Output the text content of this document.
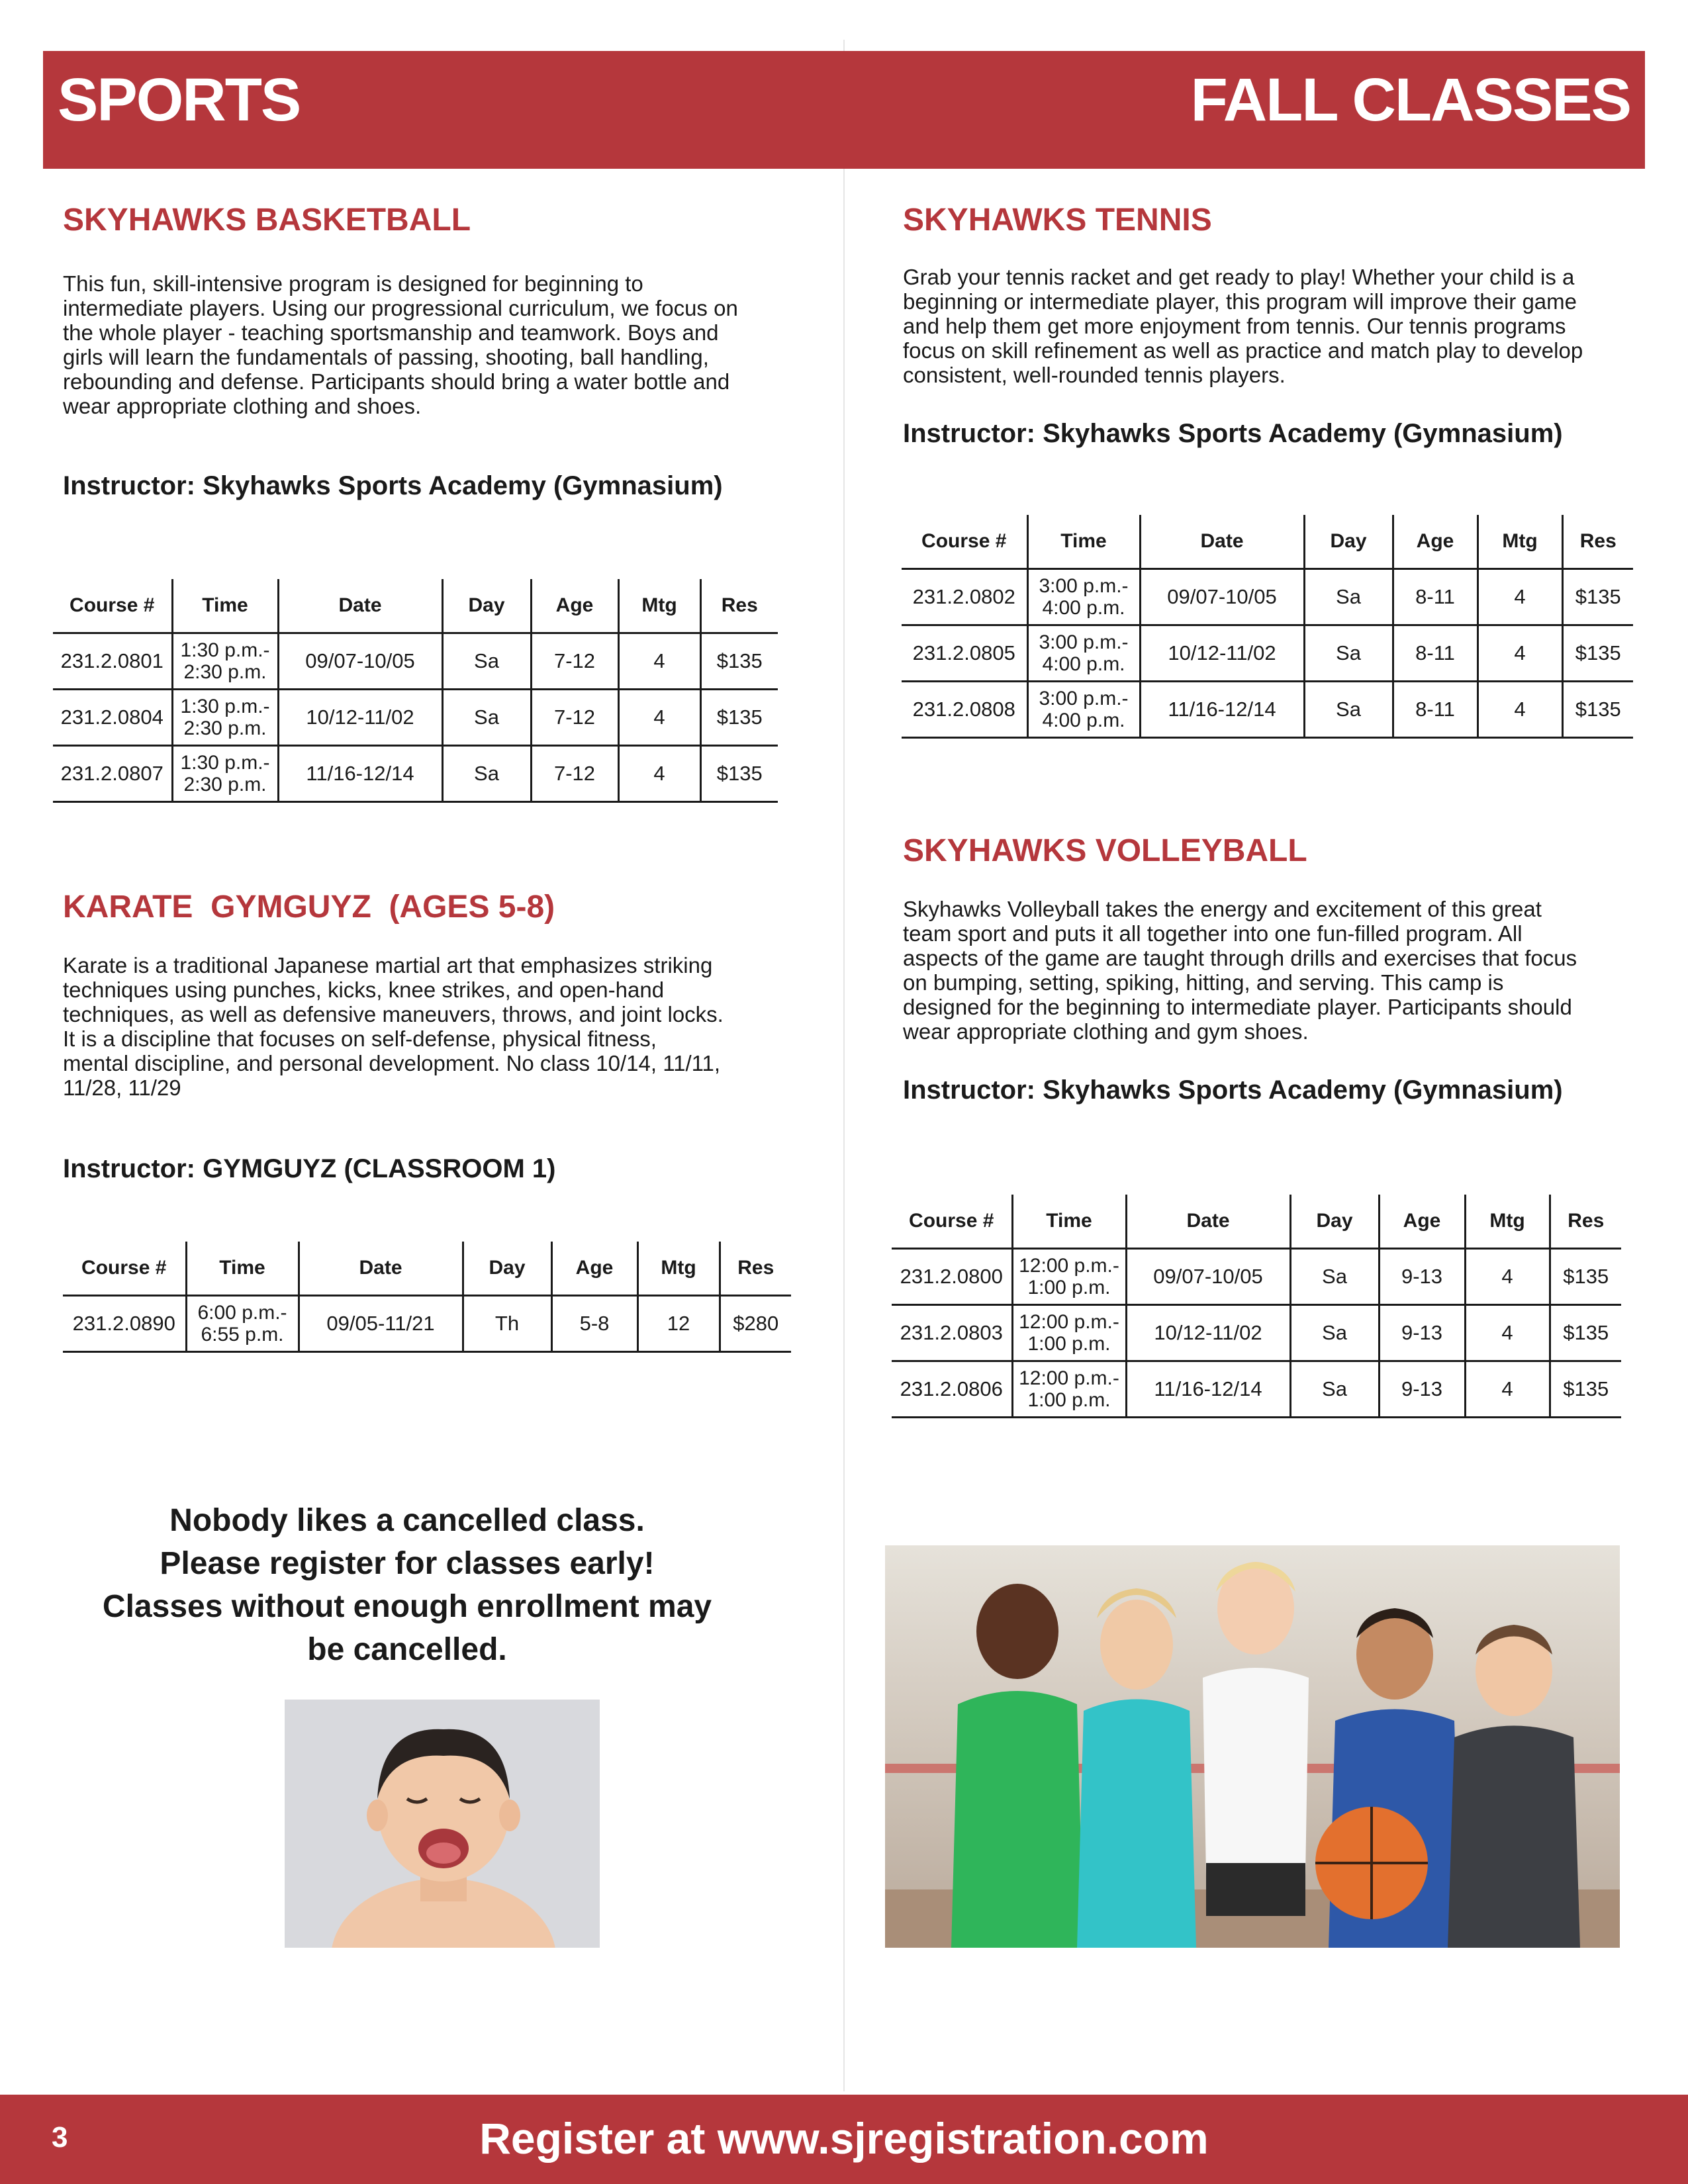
SPORTS	FALL CLASSES
SKYHAWKS BASKETBALL

This fun, skill-intensive program is designed for beginning to intermediate players. Using our progressional curriculum, we focus on the whole player - teaching sportsmanship and teamwork. Boys and girls will learn the fundamentals of passing, shooting, ball handling, rebounding and defense. Participants should bring a water bottle and wear appropriate clothing and shoes.

Instructor: Skyhawks Sports Academy (Gymnasium)

Course #	Time	Date	Day	Age	Mtg	Res
231.2.0801	1:30 p.m.-
2:30 p.m.	09/07-10/05	Sa	7-12	4	$135
231.2.0804	1:30 p.m.-
2:30 p.m.	10/12-11/02	Sa	7-12	4	$135
231.2.0807	1:30 p.m.-
2:30 p.m.	11/16-12/14	Sa	7-12	4	$135
KARATE  GYMGUYZ  (AGES 5-8)

Karate is a traditional Japanese martial art that emphasizes striking techniques using punches, kicks, knee strikes, and open-hand techniques, as well as defensive maneuvers, throws, and joint locks. It is a discipline that focuses on self-defense, physical fitness, mental discipline, and personal development. No class 10/14, 11/11, 11/28, 11/29

Instructor: GYMGUYZ (CLASSROOM 1)

Course #	Time	Date	Day	Age	Mtg	Res
231.2.0890	6:00 p.m.-
6:55 p.m.	09/05-11/21	Th	5-8	12	$280
SKYHAWKS TENNIS

Grab your tennis racket and get ready to play! Whether your child is a beginning or intermediate player, this program will improve their game and help them get more enjoyment from tennis. Our tennis programs focus on skill refinement as well as practice and match play to develop consistent, well-rounded tennis players.

Instructor: Skyhawks Sports Academy (Gymnasium)

Course #	Time	Date	Day	Age	Mtg	Res
231.2.0802	3:00 p.m.-
4:00 p.m.	09/07-10/05	Sa	8-11	4	$135
231.2.0805	3:00 p.m.-
4:00 p.m.	10/12-11/02	Sa	8-11	4	$135
231.2.0808	3:00 p.m.-
4:00 p.m.	11/16-12/14	Sa	8-11	4	$135
SKYHAWKS VOLLEYBALL

Skyhawks Volleyball takes the energy and excitement of this great team sport and puts it all together into one fun-filled program. All aspects of the game are taught through drills and exercises that focus on bumping, setting, spiking, hitting, and serving. This camp is designed for the beginning to intermediate player. Participants should wear appropriate clothing and gym shoes.

Instructor: Skyhawks Sports Academy (Gymnasium)

Course #	Time	Date	Day	Age	Mtg	Res
231.2.0800	12:00 p.m.-
1:00 p.m.	09/07-10/05	Sa	9-13	4	$135
231.2.0803	12:00 p.m.-
1:00 p.m.	10/12-11/02	Sa	9-13	4	$135
231.2.0806	12:00 p.m.-
1:00 p.m.	11/16-12/14	Sa	9-13	4	$135
Nobody likes a cancelled class.
Please register for classes early!
Classes without enough enrollment may
be cancelled.
3	Register at www.sjregistration.com
